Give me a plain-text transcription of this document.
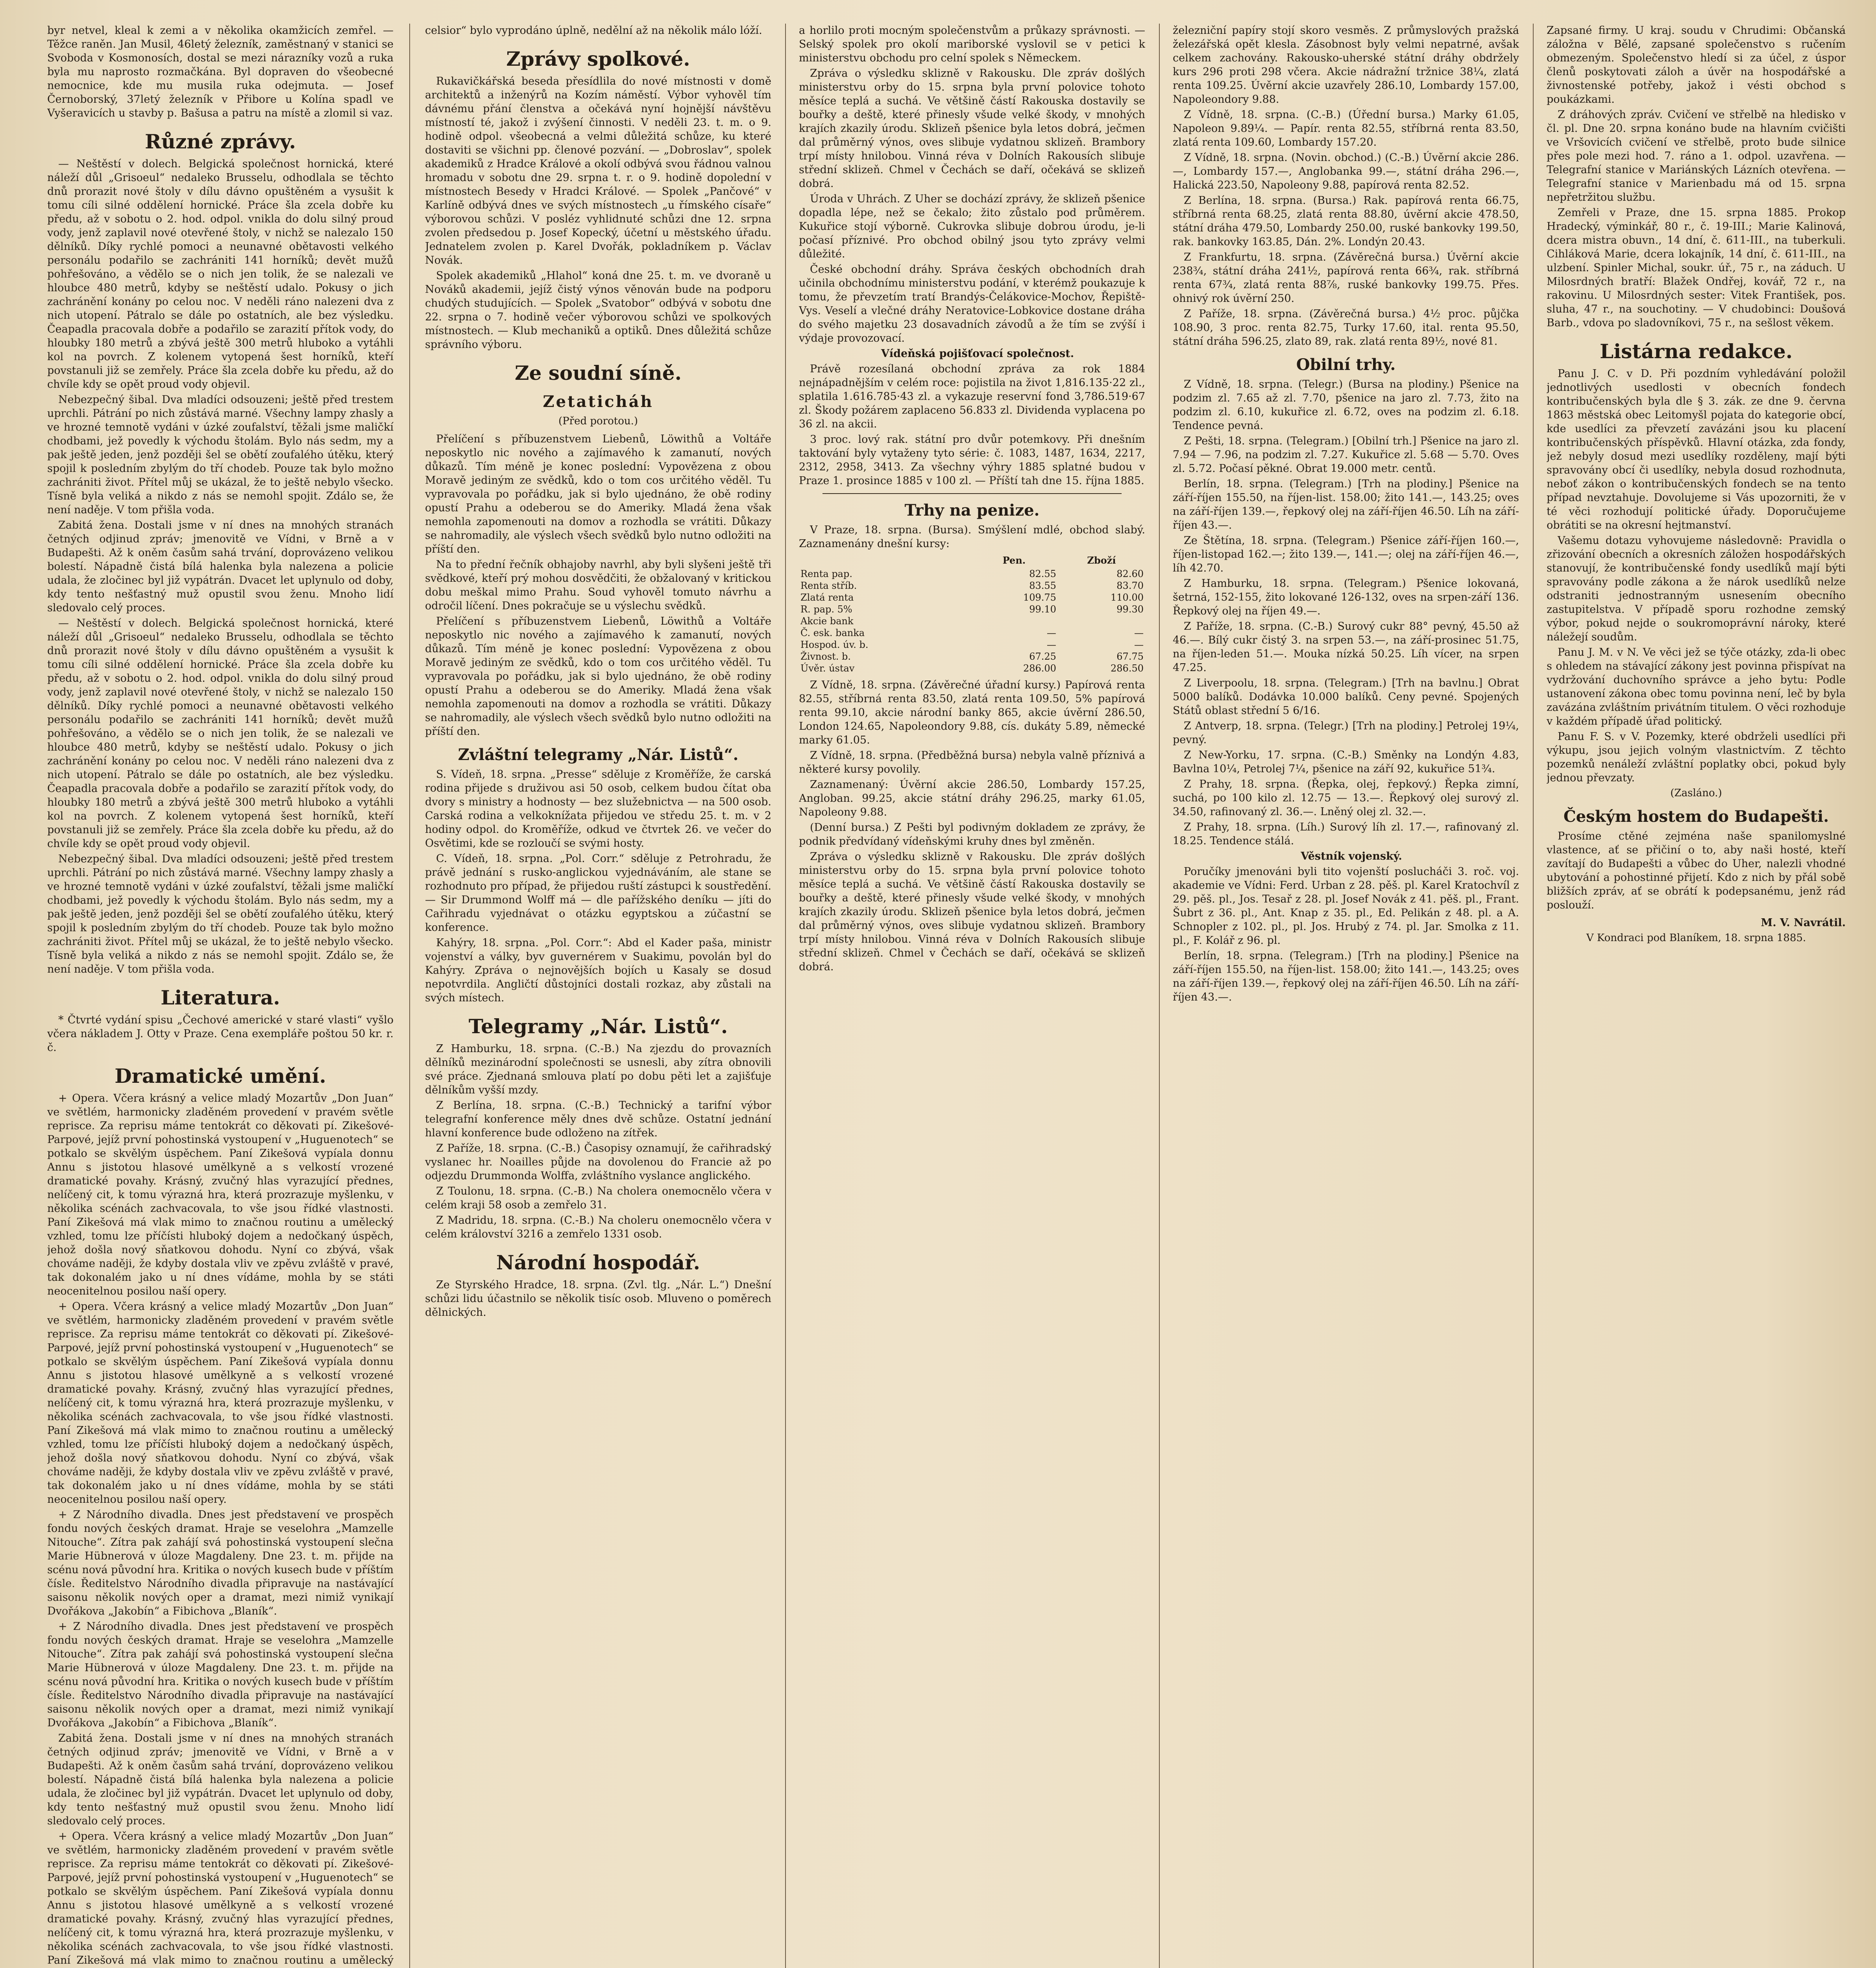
byr netvel, kleal k zemi a v několika okamžicích zemřel. — Těžce raněn. Jan Musil, 46letý železník, zaměstnaný v stanici se Svoboda v Kosmonosích, dostal se mezi nárazníky vozů a ruka byla mu naprosto rozmačkána. Byl dopraven do všeobecné nemocnice, kde mu musila ruka odejmuta. — Josef Černoborský, 37letý železník v Přibore u Kolína spadl ve Vyšeravicích u stavby p. Bašusa a patru na místě a zlomil si vaz.

Různé zprávy.

— Neštěstí v dolech. Belgická společnost hornická, které náleží důl „Grisoeul“ nedaleko Brusselu, odhodlala se těchto dnů prorazit nové štoly v dílu dávno opuštěném a vysušit k tomu cíli silné oddělení hornické. Práce šla zcela dobře ku předu, až v sobotu o 2. hod. odpol. vnikla do dolu silný proud vody, jenž zaplavil nové otevřené štoly, v nichž se nalezalo 150 dělníků. Díky rychlé pomoci a neunavné obětavosti velkého personálu podařilo se zachrániti 141 horníků; devět mužů pohřešováno, a vědělo se o nich jen tolik, že se nalezali ve hloubce 480 metrů, kdyby se neštěstí udalo. Pokusy o jich zachránění konány po celou noc. V neděli ráno nalezeni dva z nich utopení. Pátralo se dále po ostatních, ale bez výsledku. Čeapadla pracovala dobře a podařilo se zarazití přítok vody, do hloubky 180 metrů a zbývá ještě 300 metrů hluboko a vytáhli kol na povrch. Z kolenem vytopená šest horníků, kteří povstanuli již se zemřely. Práce šla zcela dobře ku předu, až do chvíle kdy se opět proud vody objevil.

Nebezpečný šibal. Dva mladíci odsouzeni; ještě před trestem uprchli. Pátrání po nich zůstává marné. Všechny lampy zhasly a ve hrozné temnotě vydáni v úzké zoufalství, těžali jsme maličkí chodbami, jež povedly k východu štolám. Bylo nás sedm, my a pak ještě jeden, jenž později šel se obětí zoufalého útěku, který spojil k posledním zbylým do tří chodeb. Pouze tak bylo možno zachrániti život. Přítel můj se ukázal, že to ještě nebylo všecko. Tísně byla veliká a nikdo z nás se nemohl spojit. Zdálo se, že není naděje. V tom přišla voda.

Zabitá žena. Dostali jsme v ní dnes na mnohých stranách četných odjinud zpráv; jmenovitě ve Vídni, v Brně a v Budapešti. Až k oněm časům sahá trvání, doprovázeno velikou bolestí. Nápadně čistá bílá halenka byla nalezena a policie udala, že zločinec byl již vypátrán. Dvacet let uplynulo od doby, kdy tento nešťastný muž opustil svou ženu. Mnoho lidí sledovalo celý proces.

— Neštěstí v dolech. Belgická společnost hornická, které náleží důl „Grisoeul“ nedaleko Brusselu, odhodlala se těchto dnů prorazit nové štoly v dílu dávno opuštěném a vysušit k tomu cíli silné oddělení hornické. Práce šla zcela dobře ku předu, až v sobotu o 2. hod. odpol. vnikla do dolu silný proud vody, jenž zaplavil nové otevřené štoly, v nichž se nalezalo 150 dělníků. Díky rychlé pomoci a neunavné obětavosti velkého personálu podařilo se zachrániti 141 horníků; devět mužů pohřešováno, a vědělo se o nich jen tolik, že se nalezali ve hloubce 480 metrů, kdyby se neštěstí udalo. Pokusy o jich zachránění konány po celou noc. V neděli ráno nalezeni dva z nich utopení. Pátralo se dále po ostatních, ale bez výsledku. Čeapadla pracovala dobře a podařilo se zarazití přítok vody, do hloubky 180 metrů a zbývá ještě 300 metrů hluboko a vytáhli kol na povrch. Z kolenem vytopená šest horníků, kteří povstanuli již se zemřely. Práce šla zcela dobře ku předu, až do chvíle kdy se opět proud vody objevil.

Nebezpečný šibal. Dva mladíci odsouzeni; ještě před trestem uprchli. Pátrání po nich zůstává marné. Všechny lampy zhasly a ve hrozné temnotě vydáni v úzké zoufalství, těžali jsme maličkí chodbami, jež povedly k východu štolám. Bylo nás sedm, my a pak ještě jeden, jenž později šel se obětí zoufalého útěku, který spojil k posledním zbylým do tří chodeb. Pouze tak bylo možno zachrániti život. Přítel můj se ukázal, že to ještě nebylo všecko. Tísně byla veliká a nikdo z nás se nemohl spojit. Zdálo se, že není naděje. V tom přišla voda.

Literatura.

* Čtvrté vydání spisu „Čechové americké v staré vlasti“ vyšlo včera nákladem J. Otty v Praze. Cena exempláře poštou 50 kr. r. č.

Dramatické umění.

+ Opera. Včera krásný a velice mladý Mozartův „Don Juan“ ve světlém, harmonicky zladěném provedení v pravém světle reprisce. Za reprisu máme tentokrát co děkovati pí. Zikešové-Parpové, jejíž první pohostinská vystoupení v „Huguenotech“ se potkalo se skvělým úspěchem. Paní Zikešová vypíala donnu Annu s jistotou hlasové umělkyně a s velkostí vrozené dramatické povahy. Krásný, zvučný hlas vyrazující přednes, nelíčený cit, k tomu výrazná hra, která prozrazuje myšlenku, v několika scénách zachvacovala, to vše jsou řídké vlastnosti. Paní Zikešová má vlak mimo to značnou routinu a umělecký vzhled, tomu lze příčísti hluboký dojem a nedočkaný úspěch, jehož došla nový sňatkovou dohodu. Nyní co zbývá, však chováme naději, že kdyby dostala vliv ve zpěvu zvláště v pravé, tak dokonalém jako u ní dnes vídáme, mohla by se státi neocenitelnou posilou naší opery.

+ Opera. Včera krásný a velice mladý Mozartův „Don Juan“ ve světlém, harmonicky zladěném provedení v pravém světle reprisce. Za reprisu máme tentokrát co děkovati pí. Zikešové-Parpové, jejíž první pohostinská vystoupení v „Huguenotech“ se potkalo se skvělým úspěchem. Paní Zikešová vypíala donnu Annu s jistotou hlasové umělkyně a s velkostí vrozené dramatické povahy. Krásný, zvučný hlas vyrazující přednes, nelíčený cit, k tomu výrazná hra, která prozrazuje myšlenku, v několika scénách zachvacovala, to vše jsou řídké vlastnosti. Paní Zikešová má vlak mimo to značnou routinu a umělecký vzhled, tomu lze příčísti hluboký dojem a nedočkaný úspěch, jehož došla nový sňatkovou dohodu. Nyní co zbývá, však chováme naději, že kdyby dostala vliv ve zpěvu zvláště v pravé, tak dokonalém jako u ní dnes vídáme, mohla by se státi neocenitelnou posilou naší opery.

+ Z Národního divadla. Dnes jest představení ve prospěch fondu nových českých dramat. Hraje se veselohra „Mamzelle Nitouche“. Zítra pak zahájí svá pohostinská vystoupení slečna Marie Hübnerová v úloze Magdaleny. Dne 23. t. m. přijde na scénu nová původní hra. Kritika o nových kusech bude v příštím čísle. Ředitelstvo Národního divadla připravuje na nastávající saisonu několik nových oper a dramat, mezi nimiž vynikají Dvořákova „Jakobín“ a Fibichova „Blaník“.

+ Z Národního divadla. Dnes jest představení ve prospěch fondu nových českých dramat. Hraje se veselohra „Mamzelle Nitouche“. Zítra pak zahájí svá pohostinská vystoupení slečna Marie Hübnerová v úloze Magdaleny. Dne 23. t. m. přijde na scénu nová původní hra. Kritika o nových kusech bude v příštím čísle. Ředitelstvo Národního divadla připravuje na nastávající saisonu několik nových oper a dramat, mezi nimiž vynikají Dvořákova „Jakobín“ a Fibichova „Blaník“.

Zabitá žena. Dostali jsme v ní dnes na mnohých stranách četných odjinud zpráv; jmenovitě ve Vídni, v Brně a v Budapešti. Až k oněm časům sahá trvání, doprovázeno velikou bolestí. Nápadně čistá bílá halenka byla nalezena a policie udala, že zločinec byl již vypátrán. Dvacet let uplynulo od doby, kdy tento nešťastný muž opustil svou ženu. Mnoho lidí sledovalo celý proces.

+ Opera. Včera krásný a velice mladý Mozartův „Don Juan“ ve světlém, harmonicky zladěném provedení v pravém světle reprisce. Za reprisu máme tentokrát co děkovati pí. Zikešové-Parpové, jejíž první pohostinská vystoupení v „Huguenotech“ se potkalo se skvělým úspěchem. Paní Zikešová vypíala donnu Annu s jistotou hlasové umělkyně a s velkostí vrozené dramatické povahy. Krásný, zvučný hlas vyrazující přednes, nelíčený cit, k tomu výrazná hra, která prozrazuje myšlenku, v několika scénách zachvacovala, to vše jsou řídké vlastnosti. Paní Zikešová má vlak mimo to značnou routinu a umělecký

celsior“ bylo vyprodáno úplně, nedělní až na několik málo lóží.

Zprávy spolkové.

Rukavičkářská beseda přesídlila do nové místnosti v domě architektů a inženýrů na Kozím náměstí. Výbor vyhověl tím dávnému přání členstva a očekává nyní hojnější návštěvu místností té, jakož i zvýšení činnosti. V neděli 23. t. m. o 9. hodině odpol. všeobecná a velmi důležitá schůze, ku které dostaviti se všichni pp. členové pozvání. — „Dobroslav“, spolek akademiků z Hradce Králové a okolí odbývá svou řádnou valnou hromadu v sobotu dne 29. srpna t. r. o 9. hodině dopolední v místnostech Besedy v Hradci Králové. — Spolek „Pančové“ v Karlíně odbývá dnes ve svých místnostech „u římského císaře“ výborovou schůzi. V posléz vyhlidnuté schůzi dne 12. srpna zvolen předsedou p. Josef Kopecký, účetní u městského úřadu. Jednatelem zvolen p. Karel Dvořák, pokladníkem p. Václav Novák.

Spolek akademiků „Hlahol“ koná dne 25. t. m. ve dvoraně u Nováků akademii, jejíž čistý výnos věnován bude na podporu chudých studujících. — Spolek „Svatobor“ odbývá v sobotu dne 22. srpna o 7. hodině večer výborovou schůzi ve spolkových místnostech. — Klub mechaniků a optiků. Dnes důležitá schůze správního výboru.

Ze soudní síně.
Zetaticháh
(Před porotou.)

Přelíčení s příbuzenstvem Liebenů, Löwithů a Voltáře neposkytlo nic nového a zajímavého k zamanutí, nových důkazů. Tím méně je konec poslední: Vypovězena z obou Moravě jediným ze svědků, kdo o tom cos určitého věděl. Tu vypravovala po pořádku, jak si bylo ujednáno, že obě rodiny opustí Prahu a odeberou se do Ameriky. Mladá žena však nemohla zapomenouti na domov a rozhodla se vrátiti. Důkazy se nahromadily, ale výslech všech svědků bylo nutno odložiti na příští den.

Na to přední řečník obhajoby navrhl, aby byli slyšeni ještě tři svědkové, kteří prý mohou dosvědčiti, že obžalovaný v kritickou dobu meškal mimo Prahu. Soud vyhověl tomuto návrhu a odročil líčení. Dnes pokračuje se u výslechu svědků.

Přelíčení s příbuzenstvem Liebenů, Löwithů a Voltáře neposkytlo nic nového a zajímavého k zamanutí, nových důkazů. Tím méně je konec poslední: Vypovězena z obou Moravě jediným ze svědků, kdo o tom cos určitého věděl. Tu vypravovala po pořádku, jak si bylo ujednáno, že obě rodiny opustí Prahu a odeberou se do Ameriky. Mladá žena však nemohla zapomenouti na domov a rozhodla se vrátiti. Důkazy se nahromadily, ale výslech všech svědků bylo nutno odložiti na příští den.

Zvláštní telegramy „Nár. Listů“.

S. Vídeň, 18. srpna. „Presse“ sděluje z Kroměříže, že carská rodina přijede s druživou asi 50 osob, celkem budou čítat oba dvory s ministry a hodnosty — bez služebnictva — na 500 osob. Carská rodina a velkoknížata přijedou ve středu 25. t. m. v 2 hodiny odpol. do Kroměříže, odkud ve čtvrtek 26. ve večer do Osvětimi, kde se rozloučí se svými hosty.

C. Vídeň, 18. srpna. „Pol. Corr.“ sděluje z Petrohradu, že právě jednání s rusko-anglickou vyjednáváním, ale stane se rozhodnuto pro případ, že přijedou ruští zástupci k soustředění. — Sir Drummond Wolff má — dle pařížského deníku — jíti do Cařihradu vyjednávat o otázku egyptskou a zúčastní se konference.

Kahýry, 18. srpna. „Pol. Corr.“: Abd el Kader paša, ministr vojenství a války, byv guvernérem v Suakimu, povolán byl do Kahýry. Zpráva o nejnovějších bojích u Kasaly se dosud nepotvrdila. Angličtí důstojníci dostali rozkaz, aby zůstali na svých místech.

Telegramy „Nár. Listů“.

Z Hamburku, 18. srpna. (C.-B.) Na zjezdu do provazních dělníků mezinárodní společnosti se usnesli, aby zítra obnovili své práce. Zjednaná smlouva platí po dobu pěti let a zajišťuje dělníkům vyšší mzdy.

Z Berlína, 18. srpna. (C.-B.) Technický a tarifní výbor telegrafní konference měly dnes dvě schůze. Ostatní jednání hlavní konference bude odloženo na zítřek.

Z Paříže, 18. srpna. (C.-B.) Časopisy oznamují, že cařihradský vyslanec hr. Noailles půjde na dovolenou do Francie až po odjezdu Drummonda Wolffa, zvláštního vyslance anglického.

Z Toulonu, 18. srpna. (C.-B.) Na cholera onemocnělo včera v celém kraji 58 osob a zemřelo 31.

Z Madridu, 18. srpna. (C.-B.) Na choleru onemocnělo včera v celém království 3216 a zemřelo 1331 osob.

Národní hospodář.

Ze Styrského Hradce, 18. srpna. (Zvl. tlg. „Nár. L.“) Dnešní schůzi lidu účastnilo se několik tisíc osob. Mluveno o poměrech dělnických.

a horlilo proti mocným společenstvům a průkazy správnosti. — Selský spolek pro okolí mariborské vyslovil se v petici k ministerstvu obchodu pro celní spolek s Německem.

Zpráva o výsledku sklizně v Rakousku. Dle zpráv došlých ministerstvu orby do 15. srpna byla první polovice tohoto měsíce teplá a suchá. Ve většině částí Rakouska dostavily se bouřky a deště, které přinesly všude velké škody, v mnohých krajích zkazily úrodu. Sklizeň pšenice byla letos dobrá, ječmen dal průměrný výnos, oves slibuje vydatnou sklizeň. Brambory trpí místy hnilobou. Vinná réva v Dolních Rakousích slibuje střední sklizeň. Chmel v Čechách se daří, očekává se sklizeň dobrá.

Úroda v Uhrách. Z Uher se dochází zprávy, že sklizeň pšenice dopadla lépe, než se čekalo; žito zůstalo pod průměrem. Kukuřice stojí výborně. Cukrovka slibuje dobrou úrodu, je-li počasí příznivé. Pro obchod obilný jsou tyto zprávy velmi důležité.

České obchodní dráhy. Správa českých obchodních drah učinila obchodnímu ministerstvu podání, v kterémž poukazuje k tomu, že převzetím tratí Brandýs-Čelákovice-Mochov, Řepiště-Vys. Veselí a vlečné dráhy Neratovice-Lobkovice dostane dráha do svého majetku 23 dosavadních závodů a že tím se zvýší i výdaje provozovací.

Vídeňská pojišťovací společnost.

Právě rozesílaná obchodní zpráva za rok 1884 nejnápadnějším v celém roce: pojistila na život 1,816.135·22 zl., splatila 1.616.785·43 zl. a vykazuje reservní fond 3,786.519·67 zl. Škody požárem zaplaceno 56.833 zl. Dividenda vyplacena po 36 zl. na akcii.

3 proc. lový rak. státní pro dvůr potemkovy. Při dnešním taktování byly vytaženy tyto série: č. 1083, 1487, 1634, 2217, 2312, 2958, 3413. Za všechny výhry 1885 splatné budou v Praze 1. prosince 1885 v 100 zl. — Příští tah dne 15. října 1885.

Trhy na penize.

V Praze, 18. srpna. (Bursa). Smýšlení mdlé, obchod slabý. Zaznamenány dnešní kursy:

	Pen.	Zboží
Renta pap.	82.55	82.60
Renta stříb.	83.55	83.70
Zlatá renta	109.75	110.00
R. pap. 5%	99.10	99.30
Akcie bank		
Č. esk. banka	—	—
Hospod. úv. b.	—	—
Živnost. b.	67.25	67.75
Úvěr. ústav	286.00	286.50

Z Vídně, 18. srpna. (Závěrečné úřadní kursy.) Papírová renta 82.55, stříbrná renta 83.50, zlatá renta 109.50, 5% papírová renta 99.10, akcie národní banky 865, akcie úvěrní 286.50, London 124.65, Napoleondory 9.88, cís. dukáty 5.89, německé marky 61.05.

Z Vídně, 18. srpna. (Předběžná bursa) nebyla valně příznivá a některé kursy povolily.

Zaznamenaný: Úvěrní akcie 286.50, Lombardy 157.25, Angloban. 99.25, akcie státní dráhy 296.25, marky 61.05, Napoleony 9.88.

(Denní bursa.) Z Pešti byl podivným dokladem ze zprávy, že podnik předvídaný vídeňskými kruhy dnes byl změněn.

Zpráva o výsledku sklizně v Rakousku. Dle zpráv došlých ministerstvu orby do 15. srpna byla první polovice tohoto měsíce teplá a suchá. Ve většině částí Rakouska dostavily se bouřky a deště, které přinesly všude velké škody, v mnohých krajích zkazily úrodu. Sklizeň pšenice byla letos dobrá, ječmen dal průměrný výnos, oves slibuje vydatnou sklizeň. Brambory trpí místy hnilobou. Vinná réva v Dolních Rakousích slibuje střední sklizeň. Chmel v Čechách se daří, očekává se sklizeň dobrá.

železniční papíry stojí skoro vesměs. Z průmyslových pražská železářská opět klesla. Zásobnost byly velmi nepatrné, avšak celkem zachovány. Rakousko-uherské státní dráhy obdržely kurs 296 proti 298 včera. Akcie nádražní tržnice 38¼, zlatá renta 109.25. Úvěrní akcie uzavřely 286.10, Lombardy 157.00, Napoleondory 9.88.

Z Vídně, 18. srpna. (C.-B.) (Úřední bursa.) Marky 61.05, Napoleon 9.89¼. — Papír. renta 82.55, stříbrná renta 83.50, zlatá renta 109.60, Lombardy 157.20.

Z Vídně, 18. srpna. (Novin. obchod.) (C.-B.) Úvěrní akcie 286.—, Lombardy 157.—, Anglobanka 99.—, státní dráha 296.—, Halická 223.50, Napoleony 9.88, papírová renta 82.52.

Z Berlína, 18. srpna. (Bursa.) Rak. papírová renta 66.75, stříbrná renta 68.25, zlatá renta 88.80, úvěrní akcie 478.50, státní dráha 479.50, Lombardy 250.00, ruské bankovky 199.50, rak. bankovky 163.85, Dán. 2%. Londýn 20.43.

Z Frankfurtu, 18. srpna. (Závěrečná bursa.) Úvěrní akcie 238¾, státní dráha 241½, papírová renta 66¾, rak. stříbrná renta 67¾, zlatá renta 88⅞, ruské bankovky 199.75. Přes. ohnivý rok úvěrní 250.

Z Paříže, 18. srpna. (Závěrečná bursa.) 4½ proc. půjčka 108.90, 3 proc. renta 82.75, Turky 17.60, ital. renta 95.50, státní dráha 596.25, zlato 89, rak. zlatá renta 89½, nové 81.

Obilní trhy.

Z Vídně, 18. srpna. (Telegr.) (Bursa na plodiny.) Pšenice na podzim zl. 7.65 až zl. 7.70, pšenice na jaro zl. 7.73, žito na podzim zl. 6.10, kukuřice zl. 6.72, oves na podzim zl. 6.18. Tendence pevná.

Z Pešti, 18. srpna. (Telegram.) [Obilní trh.] Pšenice na jaro zl. 7.94 — 7.96, na podzim zl. 7.27. Kukuřice zl. 5.68 — 5.70. Oves zl. 5.72. Počasí pěkné. Obrat 19.000 metr. centů.

Berlín, 18. srpna. (Telegram.) [Trh na plodiny.] Pšenice na září-říjen 155.50, na říjen-list. 158.00; žito 141.—, 143.25; oves na září-říjen 139.—, řepkový olej na září-říjen 46.50. Líh na září-říjen 43.—.

Ze Štětína, 18. srpna. (Telegram.) Pšenice září-říjen 160.—, říjen-listopad 162.—; žito 139.—, 141.—; olej na září-říjen 46.—, líh 42.70.

Z Hamburku, 18. srpna. (Telegram.) Pšenice lokovaná, šetrná, 152-155, žito lokované 126-132, oves na srpen-září 136. Řepkový olej na říjen 49.—.

Z Paříže, 18. srpna. (C.-B.) Surový cukr 88° pevný, 45.50 až 46.—. Bílý cukr čistý 3. na srpen 53.—, na září-prosinec 51.75, na říjen-leden 51.—. Mouka nízká 50.25. Líh vícer, na srpen 47.25.

Z Liverpoolu, 18. srpna. (Telegram.) [Trh na bavlnu.] Obrat 5000 balíků. Dodávka 10.000 balíků. Ceny pevné. Spojených Států oblast střední 5 6/16.

Z Antverp, 18. srpna. (Telegr.) [Trh na plodiny.] Petrolej 19¼, pevný.

Z New-Yorku, 17. srpna. (C.-B.) Směnky na Londýn 4.83, Bavlna 10¼, Petrolej 7¼, pšenice na září 92, kukuřice 51¾.

Z Prahy, 18. srpna. (Řepka, olej, řepkový.) Řepka zimní, suchá, po 100 kilo zl. 12.75 — 13.—. Řepkový olej surový zl. 34.50, rafinovaný zl. 36.—. Lněný olej zl. 32.—.

Z Prahy, 18. srpna. (Líh.) Surový líh zl. 17.—, rafinovaný zl. 18.25. Tendence stálá.

Věstník vojenský.

Poručíky jmenováni byli tito vojenští poslucháči 3. roč. voj. akademie ve Vídni: Ferd. Urban z 28. pěš. pl. Karel Kratochvíl z 29. pěš. pl., Jos. Tesař z 28. pl. Josef Novák z 41. pěš. pl., Frant. Šubrt z 36. pl., Ant. Knap z 35. pl., Ed. Pelikán z 48. pl. a A. Schnopler z 102. pl., pl. Jos. Hrubý z 74. pl. Jar. Smolka z 11. pl., F. Kolář z 96. pl.

Berlín, 18. srpna. (Telegram.) [Trh na plodiny.] Pšenice na září-říjen 155.50, na říjen-list. 158.00; žito 141.—, 143.25; oves na září-říjen 139.—, řepkový olej na září-říjen 46.50. Líh na září-říjen 43.—.

Zapsané firmy. U kraj. soudu v Chrudimi: Občanská záložna v Bělé, zapsané společenstvo s ručením obmezeným. Společenstvo hledí si za účel, z úspor členů poskytovati záloh a úvěr na hospodářské a živnostenské potřeby, jakož i vésti obchod s poukázkami.

Z dráhových zpráv. Cvičení ve střelbě na hledisko v čl. pl. Dne 20. srpna konáno bude na hlavním cvičišti ve Vršovicích cvičení ve střelbě, proto bude silnice přes pole mezi hod. 7. ráno a 1. odpol. uzavřena. — Telegrafní stanice v Mariánských Lázních otevřena. — Telegrafní stanice v Marienbadu má od 15. srpna nepřetržitou službu.

Zemřeli v Praze, dne 15. srpna 1885. Prokop Hradecký, výminkář, 80 r., č. 19-III.; Marie Kalinová, dcera mistra obuvn., 14 dní, č. 611-III., na tuberkuli. Cihláková Marie, dcera lokajník, 14 dní, č. 611-III., na ulzbení. Spinler Michal, soukr. úř., 75 r., na záduch. U Milosrdných bratří: Blažek Ondřej, kovář, 72 r., na rakovinu. U Milosrdných sester: Vitek František, pos. sluha, 47 r., na souchotiny. — V chudobinci: Doušová Barb., vdova po sladovníkovi, 75 r., na sešlost věkem.

Listárna redakce.

Panu J. C. v D. Při pozdním vyhledávání položil jednotlivých usedlosti v obecních fondech kontribučenských byla dle § 3. zák. ze dne 9. června 1863 městská obec Leitomyšl pojata do kategorie obcí, kde usedlíci za převzetí zavázáni jsou ku placení kontribučenských příspěvků. Hlavní otázka, zda fondy, jež nebyly dosud mezi usedlíky rozděleny, mají býti spravovány obcí či usedlíky, nebyla dosud rozhodnuta, neboť zákon o kontribučenských fondech se na tento případ nevztahuje. Dovolujeme si Vás upozorniti, že v té věci rozhodují politické úřady. Doporučujeme obrátiti se na okresní hejtmanství.

Vašemu dotazu vyhovujeme následovně: Pravidla o zřizování obecních a okresních záložen hospodářských stanovují, že kontribučenské fondy usedlíků mají býti spravovány podle zákona a že nárok usedlíků nelze odstraniti jednostranným usnesením obecního zastupitelstva. V případě sporu rozhodne zemský výbor, pokud nejde o soukromoprávní nároky, které náležejí soudům.

Panu J. M. v N. Ve věci jež se týče otázky, zda-li obec s ohledem na stávající zákony jest povinna přispívat na vydržování duchovního správce a jeho bytu: Podle ustanovení zákona obec tomu povinna není, leč by byla zavázána zvláštním privátním titulem. O věci rozhoduje v každém případě úřad politický.

Panu F. S. v V. Pozemky, které obdrželi usedlíci při výkupu, jsou jejich volným vlastnictvím. Z těchto pozemků nenáleží zvláštní poplatky obci, pokud byly jednou převzaty.

(Zasláno.)
Českým hostem do Budapešti.

Prosíme ctěné zejména naše spanilomyslné vlastence, ať se přičiní o to, aby naši hosté, kteří zavítají do Budapešti a vůbec do Uher, nalezli vhodné ubytování a pohostinné přijetí. Kdo z nich by přál sobě bližších zpráv, ať se obrátí k podepsanému, jenž rád poslouží.

M. V. Navrátil.
V Kondraci pod Blaníkem, 18. srpna 1885.
